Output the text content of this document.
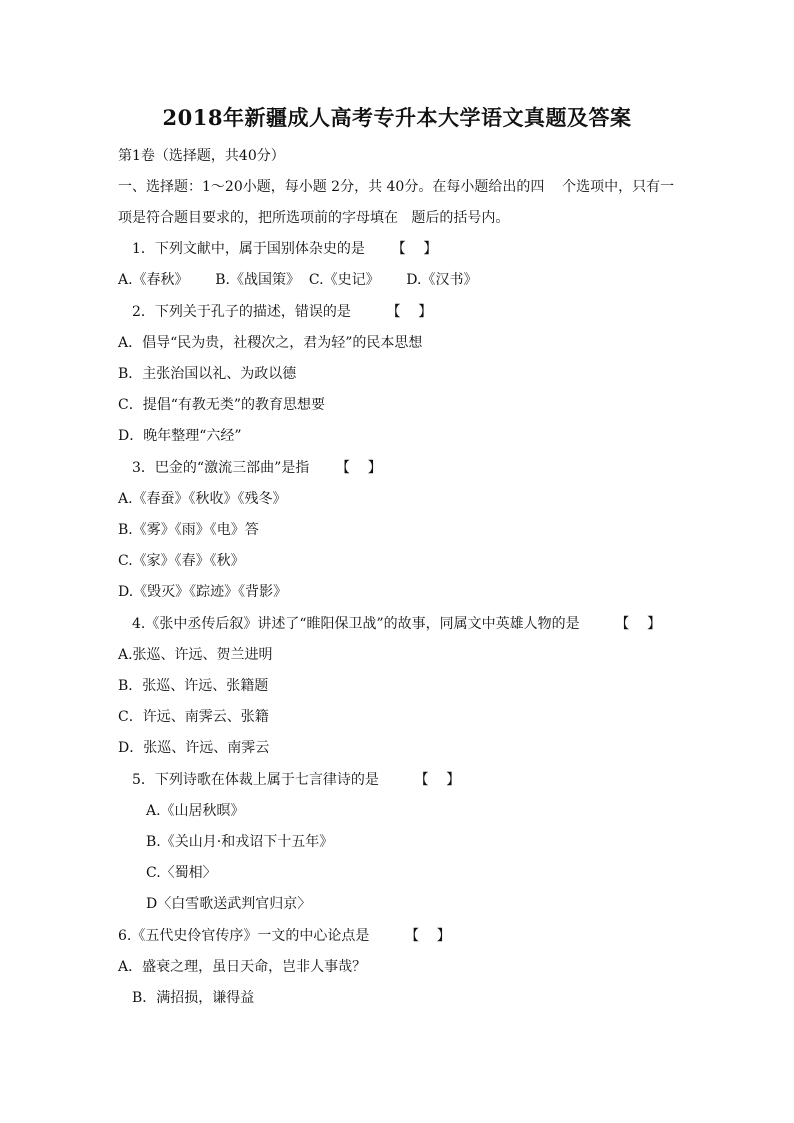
2018年新疆成人高考专升本大学语文真题及答案
第1卷（选择题，共40分）
一、选择题：1～20小题，每小题 2分，共 40分。在每小题给出的四    个选项中，只有一
项是符合题目要求的，把所选项前的字母填在   题后的括号内。
1．下列文献中，属于国别体杂史的是      【    】
A.《春秋》      B.《战国策》  C.《史记》      D.《汉书》
2．下列关于孔子的描述，错误的是        【    】
A．倡导“民为贵，社稷次之，君为轻”的民本思想
B．主张治国以礼、为政以德
C．提倡“有教无类”的教育思想要
D．晚年整理“六经”
3．巴金的“激流三部曲”是指      【    】
A.《春蚕》《秋收》《残冬》
B.《雾》《雨》《电》答
C.《家》《春》《秋》
D.《毁灭》《踪迹》《背影》
4.《张中丞传后叙》讲述了“睢阳保卫战”的故事，同属文中英雄人物的是        【    】
A.张巡、许远、贺兰进明
B．张巡、许远、张籍题
C．许远、南霁云、张籍
D．张巡、许远、南霁云
5．下列诗歌在体裁上属于七言律诗的是        【    】
A.《山居秋暝》
B.《关山月·和戎诏下十五年》
C.〈蜀相〉
D〈白雪歌送武判官归京〉
6.《五代史伶官传序》一文的中心论点是        【    】
A．盛衰之理，虽日天命，岂非人事哉？
B．满招损，谦得益
